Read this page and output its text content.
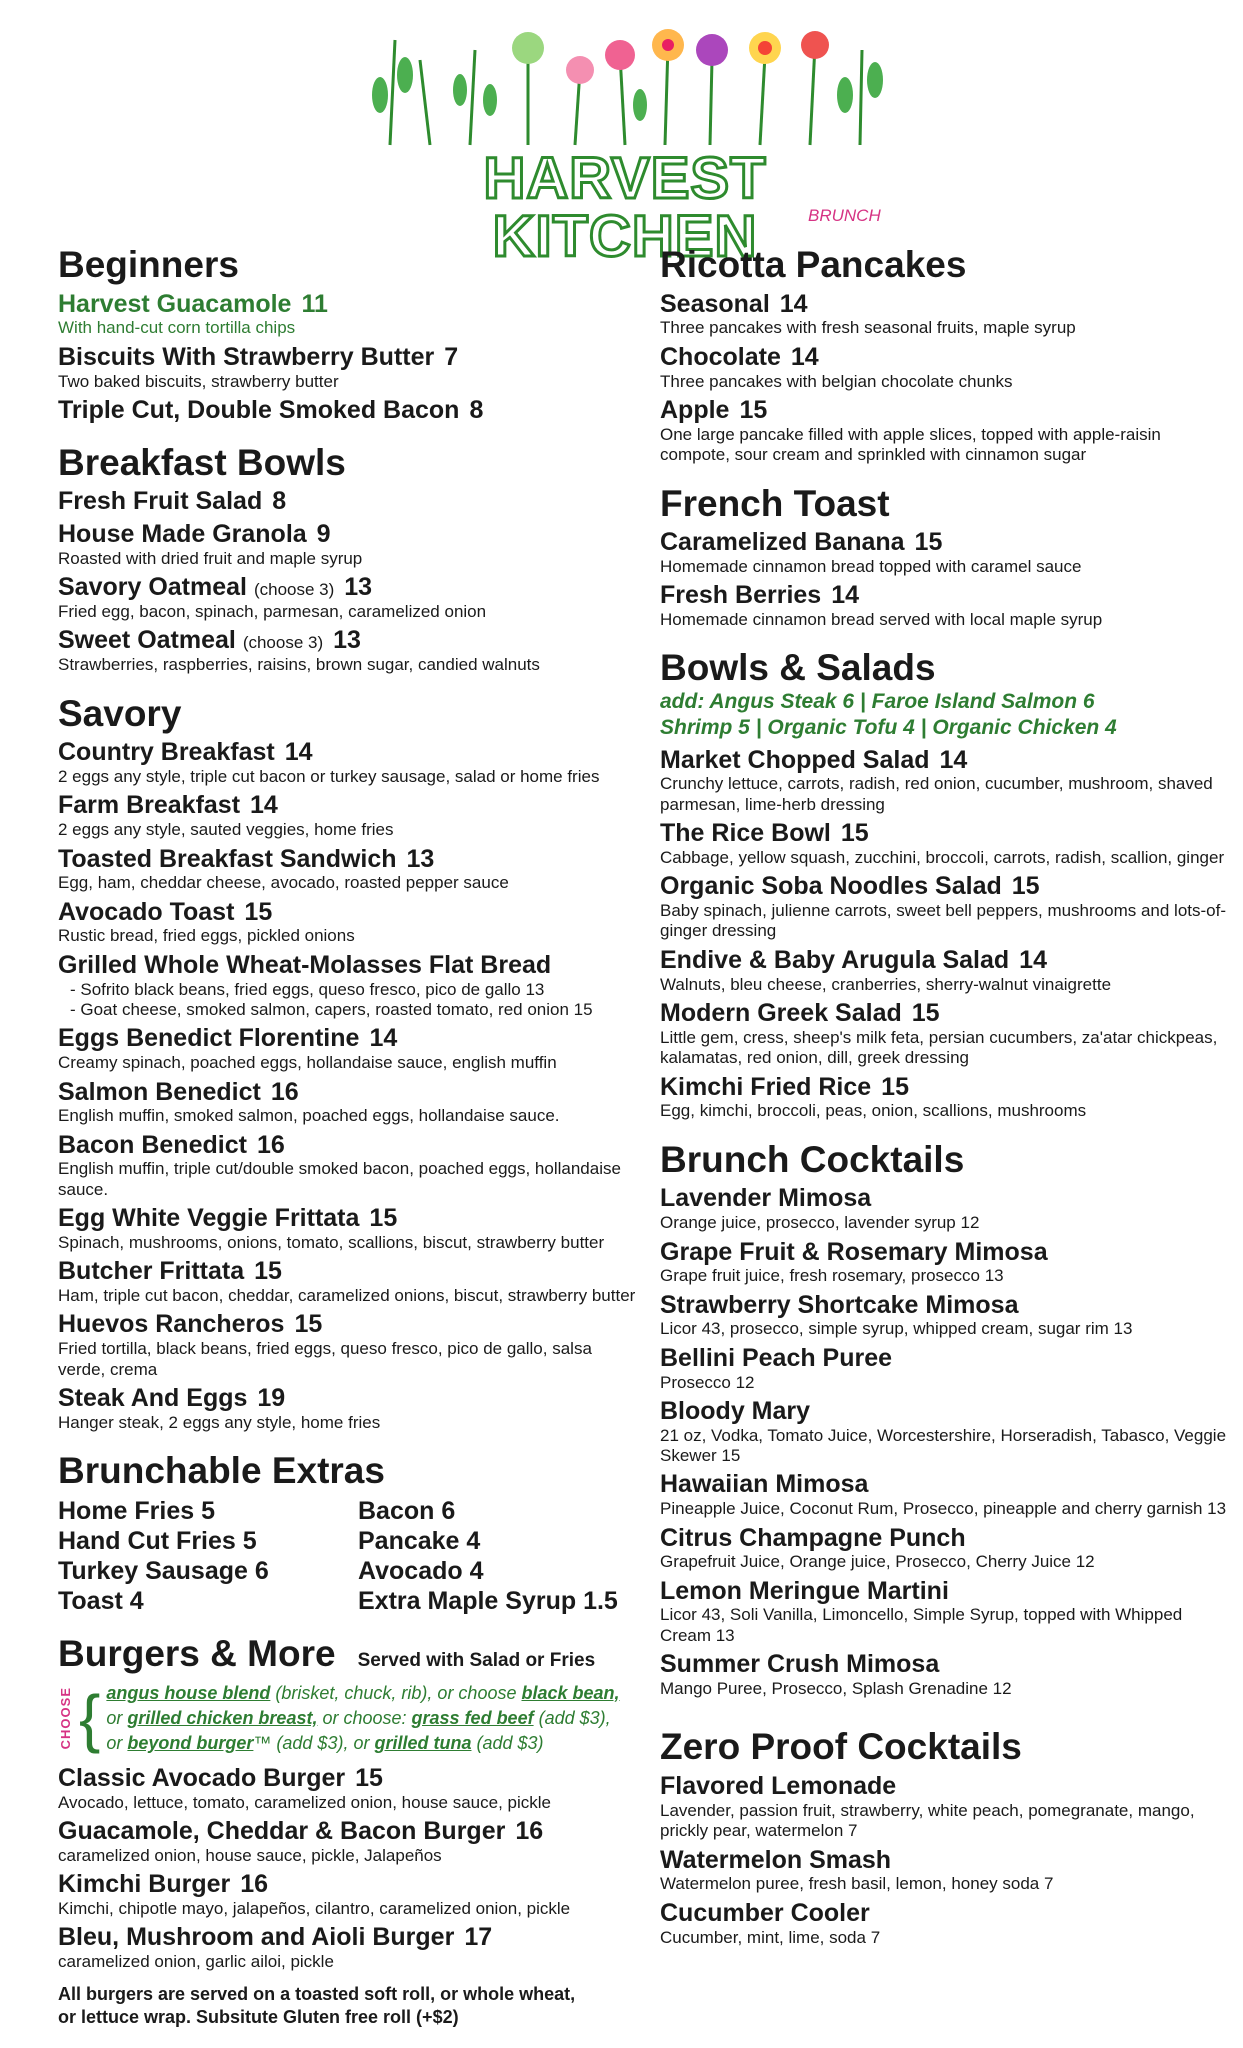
HARVEST KITCHEN	BRUNCH
Beginners
Harvest Guacamole 11
With hand-cut corn tortilla chips
Biscuits With Strawberry Butter 7
Two baked biscuits, strawberry butter
Triple Cut, Double Smoked Bacon 8
Breakfast Bowls
Fresh Fruit Salad 8
House Made Granola 9
Roasted with dried fruit and maple syrup
Savory Oatmeal (choose 3) 13
Fried egg, bacon, spinach, parmesan, caramelized onion
Sweet Oatmeal (choose 3) 13
Strawberries, raspberries, raisins, brown sugar, candied walnuts
Savory
Country Breakfast 14
2 eggs any style, triple cut bacon or turkey sausage, salad or home fries
Farm Breakfast 14
2 eggs any style, sauted veggies, home fries
Toasted Breakfast Sandwich 13
Egg, ham, cheddar cheese, avocado, roasted pepper sauce
Avocado Toast 15
Rustic bread, fried eggs, pickled onions
Grilled Whole Wheat-Molasses Flat Bread
- Sofrito black beans, fried eggs, queso fresco, pico de gallo 13
- Goat cheese, smoked salmon, capers, roasted tomato, red onion 15
Eggs Benedict Florentine 14
Creamy spinach, poached eggs, hollandaise sauce, english muffin
Salmon Benedict 16
English muffin, smoked salmon, poached eggs, hollandaise sauce.
Bacon Benedict 16
English muffin, triple cut/double smoked bacon, poached eggs, hollandaise sauce.
Egg White Veggie Frittata 15
Spinach, mushrooms, onions, tomato, scallions, biscut, strawberry butter
Butcher Frittata 15
Ham, triple cut bacon, cheddar, caramelized onions, biscut, strawberry butter
Huevos Rancheros 15
Fried tortilla, black beans, fried eggs, queso fresco, pico de gallo, salsa verde, crema
Steak And Eggs 19
Hanger steak, 2 eggs any style, home fries
Brunchable Extras
Home Fries 5
Hand Cut Fries 5
Turkey Sausage 6
Toast 4
Bacon 6
Pancake 4
Avocado 4
Extra Maple Syrup 1.5
Burgers & More Served with Salad or Fries
CHOOSE { angus house blend (brisket, chuck, rib), or choose black bean,
or grilled chicken breast, or choose: grass fed beef (add $3),
or beyond burger™ (add $3), or grilled tuna (add $3)
Classic Avocado Burger 15
Avocado, lettuce, tomato, caramelized onion, house sauce, pickle
Guacamole, Cheddar & Bacon Burger 16
caramelized onion, house sauce, pickle, Jalapeños
Kimchi Burger 16
Kimchi, chipotle mayo, jalapeños, cilantro, caramelized onion, pickle
Bleu, Mushroom and Aioli Burger 17
caramelized onion, garlic ailoi, pickle
All burgers are served on a toasted soft roll, or whole wheat,
or lettuce wrap. Subsitute Gluten free roll (+$2)
Ricotta Pancakes
Seasonal 14
Three pancakes with fresh seasonal fruits, maple syrup
Chocolate 14
Three pancakes with belgian chocolate chunks
Apple 15
One large pancake filled with apple slices, topped with apple-raisin compote, sour cream and sprinkled with cinnamon sugar
French Toast
Caramelized Banana 15
Homemade cinnamon bread topped with caramel sauce
Fresh Berries 14
Homemade cinnamon bread served with local maple syrup
Bowls & Salads
add: Angus Steak 6 | Faroe Island Salmon 6
Shrimp 5 | Organic Tofu 4 | Organic Chicken 4
Market Chopped Salad 14
Crunchy lettuce, carrots, radish, red onion, cucumber, mushroom, shaved parmesan, lime-herb dressing
The Rice Bowl 15
Cabbage, yellow squash, zucchini, broccoli, carrots, radish, scallion, ginger
Organic Soba Noodles Salad 15
Baby spinach, julienne carrots, sweet bell peppers, mushrooms and lots-of-ginger dressing
Endive & Baby Arugula Salad 14
Walnuts, bleu cheese, cranberries, sherry-walnut vinaigrette
Modern Greek Salad 15
Little gem, cress, sheep's milk feta, persian cucumbers, za'atar chickpeas, kalamatas, red onion, dill, greek dressing
Kimchi Fried Rice 15
Egg, kimchi, broccoli, peas, onion, scallions, mushrooms
Brunch Cocktails
Lavender Mimosa
Orange juice, prosecco, lavender syrup 12
Grape Fruit & Rosemary Mimosa
Grape fruit juice, fresh rosemary, prosecco 13
Strawberry Shortcake Mimosa
Licor 43, prosecco, simple syrup, whipped cream, sugar rim 13
Bellini Peach Puree
Prosecco 12
Bloody Mary
21 oz, Vodka, Tomato Juice, Worcestershire, Horseradish, Tabasco, Veggie Skewer 15
Hawaiian Mimosa
Pineapple Juice, Coconut Rum, Prosecco, pineapple and cherry garnish 13
Citrus Champagne Punch
Grapefruit Juice, Orange juice, Prosecco, Cherry Juice 12
Lemon Meringue Martini
Licor 43, Soli Vanilla, Limoncello, Simple Syrup, topped with Whipped Cream 13
Summer Crush Mimosa
Mango Puree, Prosecco, Splash Grenadine 12
Zero Proof Cocktails
Flavored Lemonade
Lavender, passion fruit, strawberry, white peach, pomegranate, mango, prickly pear, watermelon 7
Watermelon Smash
Watermelon puree, fresh basil, lemon, honey soda 7
Cucumber Cooler
Cucumber, mint, lime, soda 7
